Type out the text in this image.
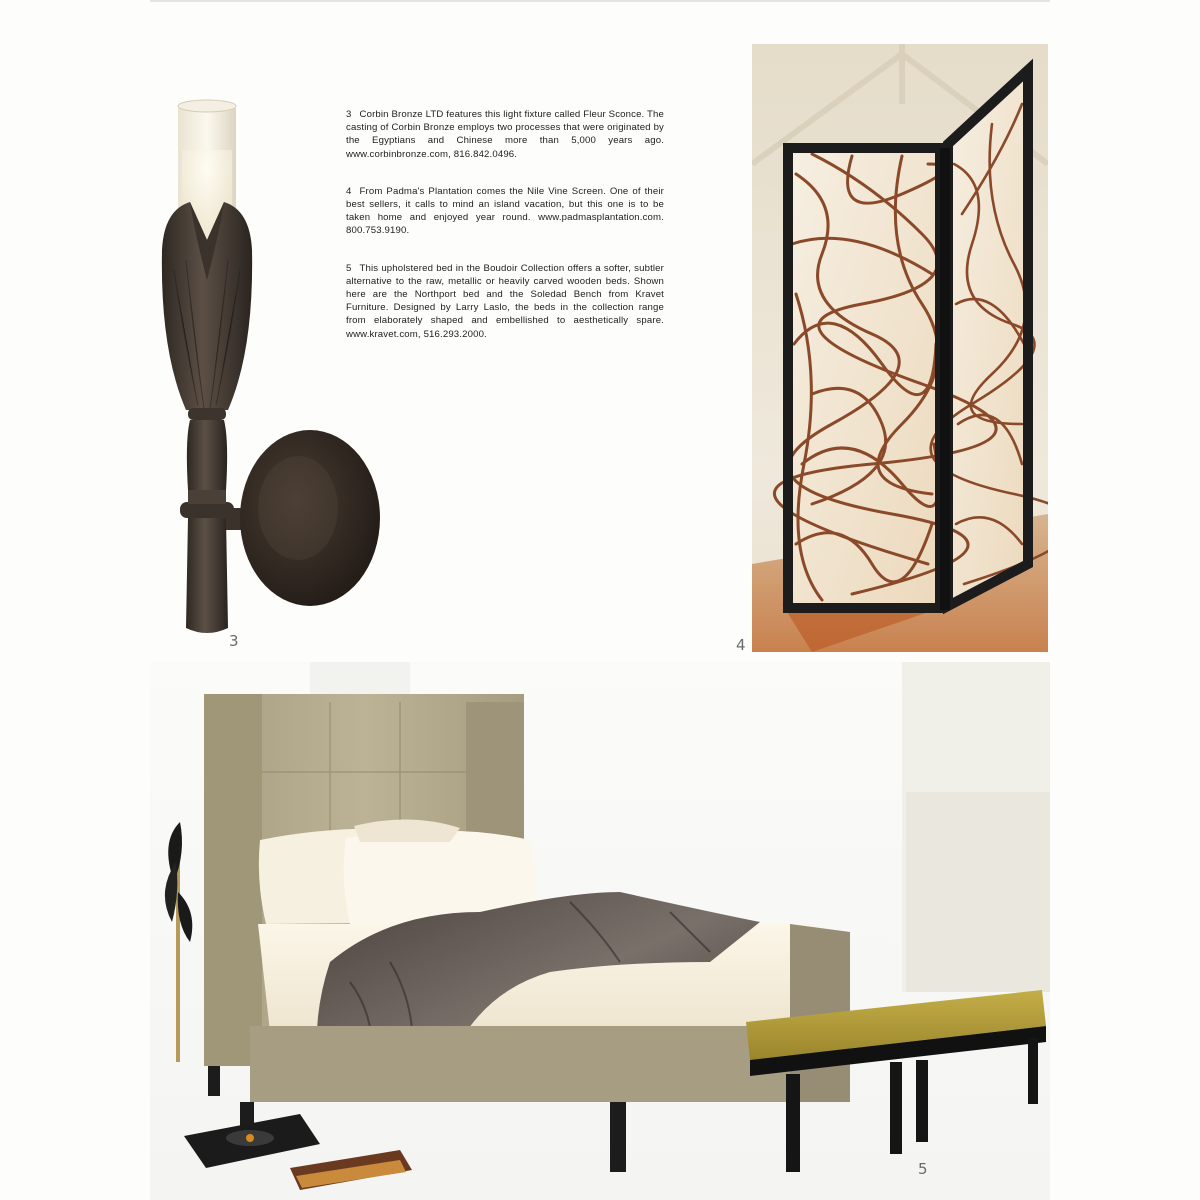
3

3 Corbin Bronze LTD features this light fixture called Fleur Sconce. The casting of Corbin Bronze employs two processes that were originated by the Egyptians and Chinese more than 5,000 years ago. www.corbinbronze.com, 816.842.0496.

4 From Padma's Plantation comes the Nile Vine Screen. One of their best sellers, it calls to mind an island vacation, but this one is to be taken home and enjoyed year round. www.padmasplantation.com. 800.753.9190.

5 This upholstered bed in the Boudoir Collection offers a softer, subtler alternative to the raw, metallic or heavily carved wooden beds. Shown here are the Northport bed and the Soledad Bench from Kravet Furniture. Designed by Larry Laslo, the beds in the collection range from elaborately shaped and embellished to aesthetically spare. www.kravet.com, 516.293.2000.

4
5
